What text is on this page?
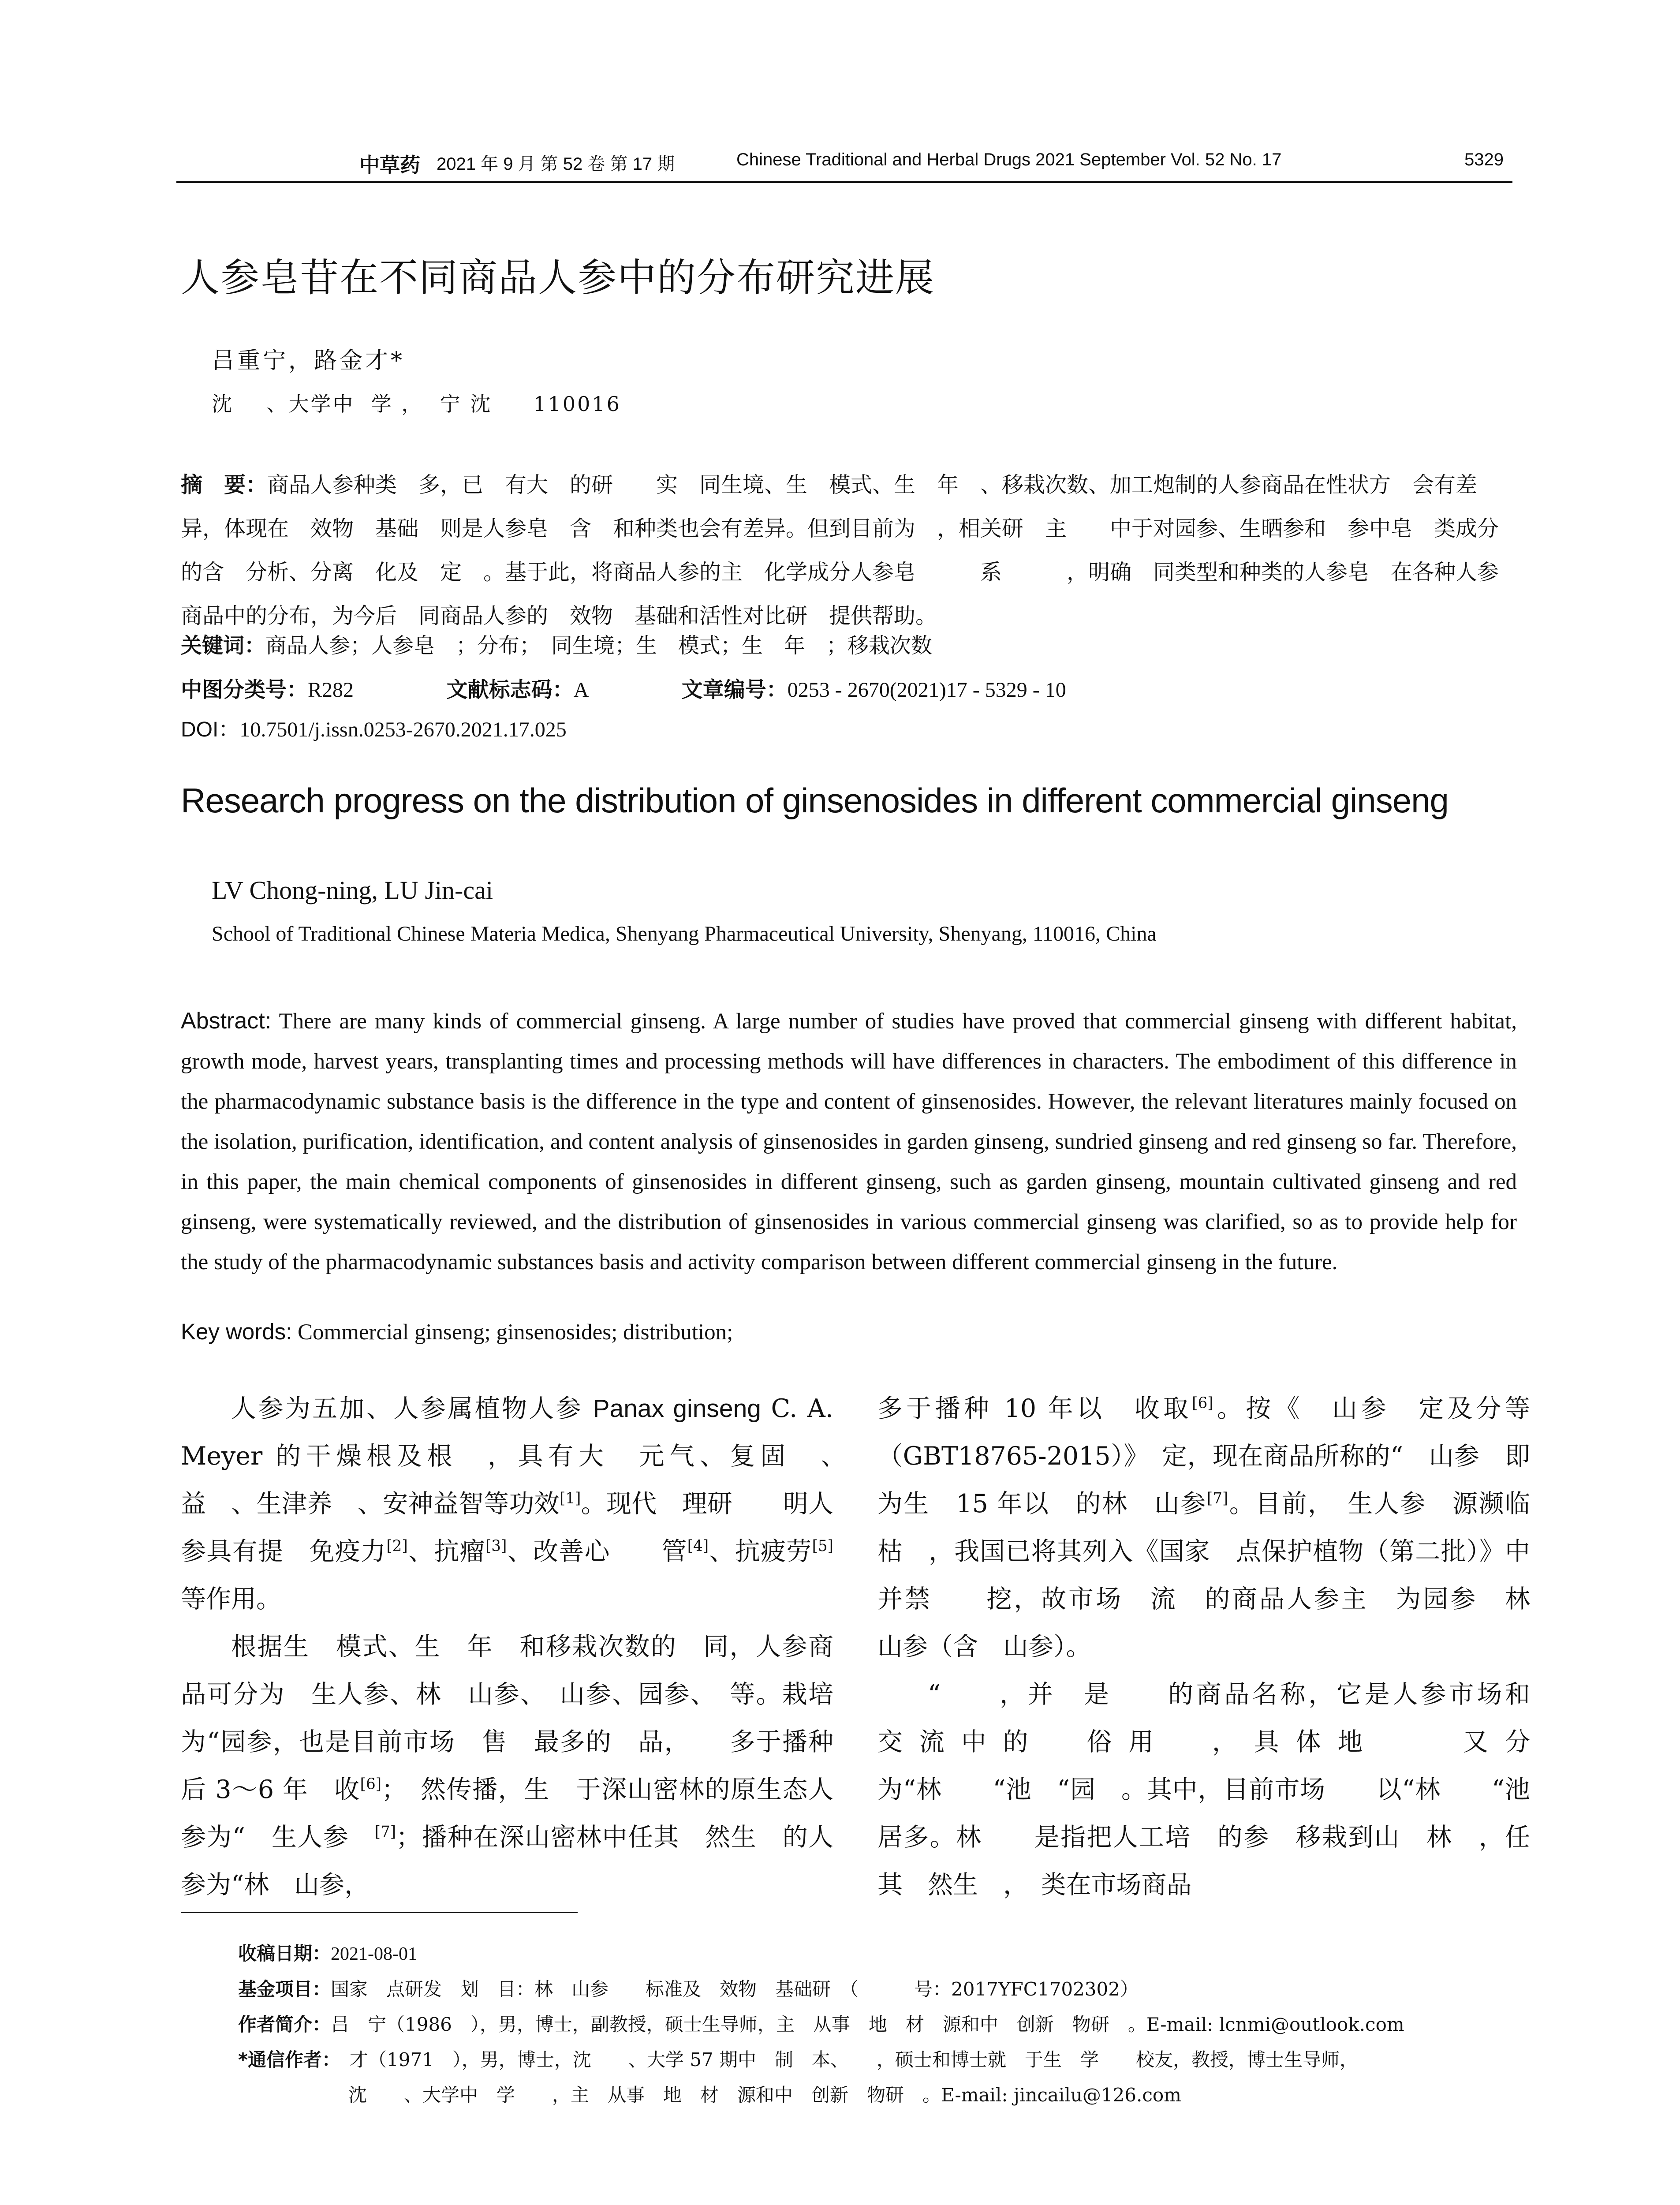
中草药 2021 年 9 月 第 52 卷 第 17 期	Chinese Traditional and Herbal Drugs 2021 September Vol. 52 No. 17	5329
人参皂苷在不同商品人参中的分布研究进展
吕重宁，路金才*
沈    、大学中  学 ，  宁 沈     110016

摘　要：商品人参种类　多，已　有大　的研　　实　同生境、生　模式、生　年　、移栽次数、加工炮制的人参商品在性状方　会有差异，体现在　效物　基础　则是人参皂　含　和种类也会有差异。但到目前为　，相关研　主　　中于对园参、生晒参和　参中皂　类成分的含　分析、分离　化及　定　。基于此，将商品人参的主　化学成分人参皂　　　系　　　，明确　同类型和种类的人参皂　在各种人参商品中的分布，为今后　同商品人参的　效物　基础和活性对比研　提供帮助。

关键词：商品人参；人参皂　；分布；　同生境；生　模式；生　年　；移栽次数
中图分类号：R282	文献标志码：A	文章编号：0253 - 2670(2021)17 - 5329 - 10
DOI：10.7501/j.issn.0253-2670.2021.17.025
Research progress on the distribution of ginsenosides in different commercial ginseng
LV Chong-ning, LU Jin-cai
School of Traditional Chinese Materia Medica, Shenyang Pharmaceutical University, Shenyang, 110016, China
Abstract: There are many kinds of commercial ginseng. A large number of studies have proved that commercial ginseng with different habitat, growth mode, harvest years, transplanting times and processing methods will have differences in characters. The embodiment of this difference in the pharmacodynamic substance basis is the difference in the type and content of ginsenosides. However, the relevant literatures mainly focused on the isolation, purification, identification, and content analysis of ginsenosides in garden ginseng, sundried ginseng and red ginseng so far. Therefore, in this paper, the main chemical components of ginsenosides in different ginseng, such as garden ginseng, mountain cultivated ginseng and red ginseng, were systematically reviewed, and the distribution of ginsenosides in various commercial ginseng was clarified, so as to provide help for the study of the pharmacodynamic substances basis and activity comparison between different commercial ginseng in the future.
Key words: Commercial ginseng; ginsenosides; distribution;

人参为五加、人参属植物人参 Panax ginseng C. A. Meyer 的干燥根及根　，具有大　元气、复固　、　　益　、生津养　、安神益智等功效[1]。现代　理研　　明人参具有提　免疫力[2]、抗瘤[3]、改善心　　管[4]、抗疲劳[5]等作用。

根据生　模式、生　年　和移栽次数的　同，人参商品可分为　生人参、林　山参、　山参、园参、　等。栽培　为“园参，也是目前市场　售　最多的　品，　　多于播种后 3～6 年　收[6]；　然传播，生　于深山密林的原生态人参为“　生人参　[7]；播种在深山密林中任其　然生　的人参为“林　山参，

多于播种 10 年以　收取[6]。按《　山参　定及分等（GBT18765-2015）》　定，现在商品所称的“　山参　即为生　15 年以　的林　山参[7]。目前，　生人参　源濒临枯　，我国已将其列入《国家　点保护植物（第二批）》中并禁　　挖，故市场　流　的商品人参主　为园参　林　山参（含　山参）。

“　　，并　是　　的商品名称，它是人参市场和　　交流中的　俗用　，具体地　　又分为“林　　“池　“园　。其中，目前市场　　以“林　　“池　　居多。林　　是指把人工培　的参　移栽到山　林　，任其　然生　，　类在市场商品

收稿日期：2021-08-01

基金项目：国家　点研发　划　目：林　山参　　标准及　效物　基础研　（　　　号：2017YFC1702302）

作者简介：吕　宁（1986　），男，博士，副教授，硕士生导师，主　从事　地　材　源和中　创新　物研　。E-mail: lcnmi@outlook.com

*通信作者：　才（1971　），男，博士，沈　　、大学 57 期中　制　本、　　，硕士和博士就　于生　学　　校友，教授，博士生导师，

沈　　、大学中　学　　，主　从事　地　材　源和中　创新　物研　。E-mail: jincailu@126.com
